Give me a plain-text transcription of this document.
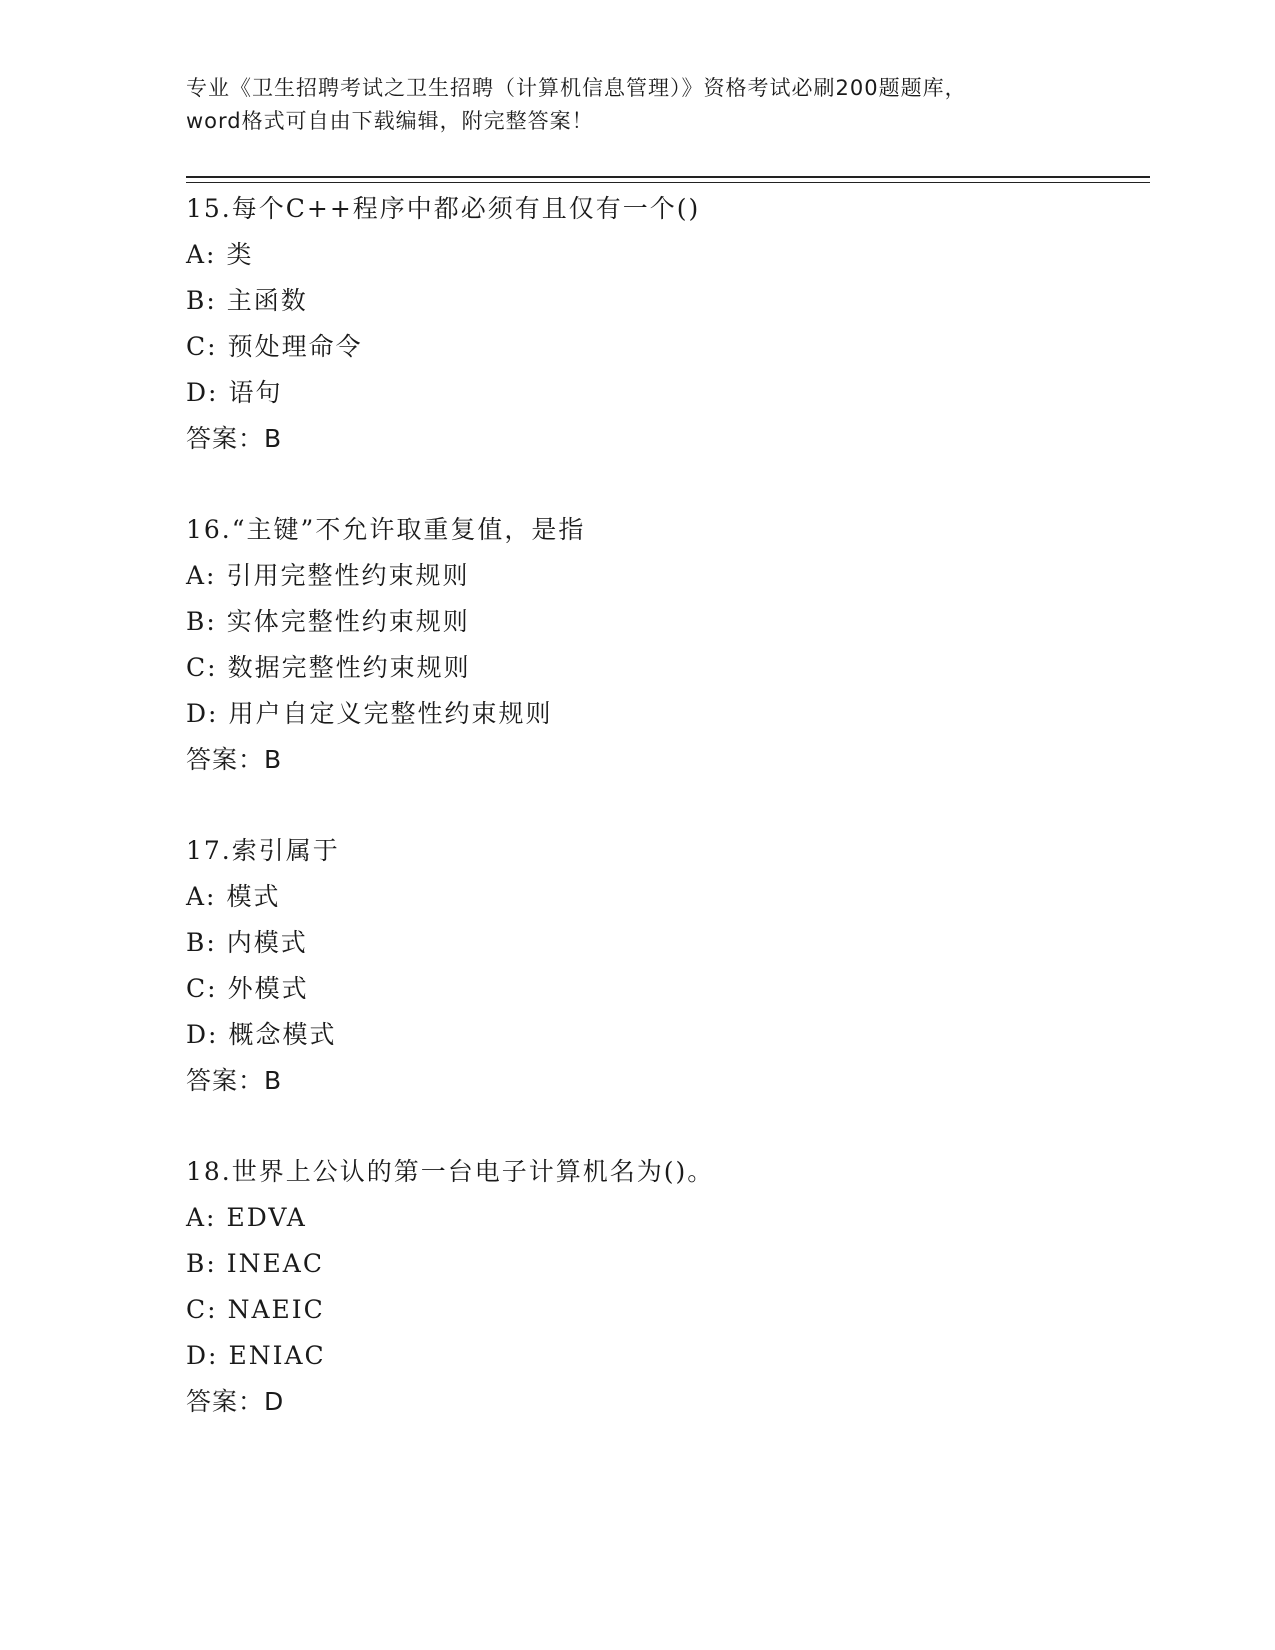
专业《卫生招聘考试之卫生招聘（计算机信息管理）》资格考试必刷200题题库，
word格式可自由下载编辑，附完整答案！
15.每个C++程序中都必须有且仅有一个()
A: 类
B: 主函数
C: 预处理命令
D: 语句
答案：B
16.“主键”不允许取重复值，是指
A: 引用完整性约束规则
B: 实体完整性约束规则
C: 数据完整性约束规则
D: 用户自定义完整性约束规则
答案：B
17.索引属于
A: 模式
B: 内模式
C: 外模式
D: 概念模式
答案：B
18.世界上公认的第一台电子计算机名为()。
A: EDVA
B: INEAC
C: NAEIC
D: ENIAC
答案：D
